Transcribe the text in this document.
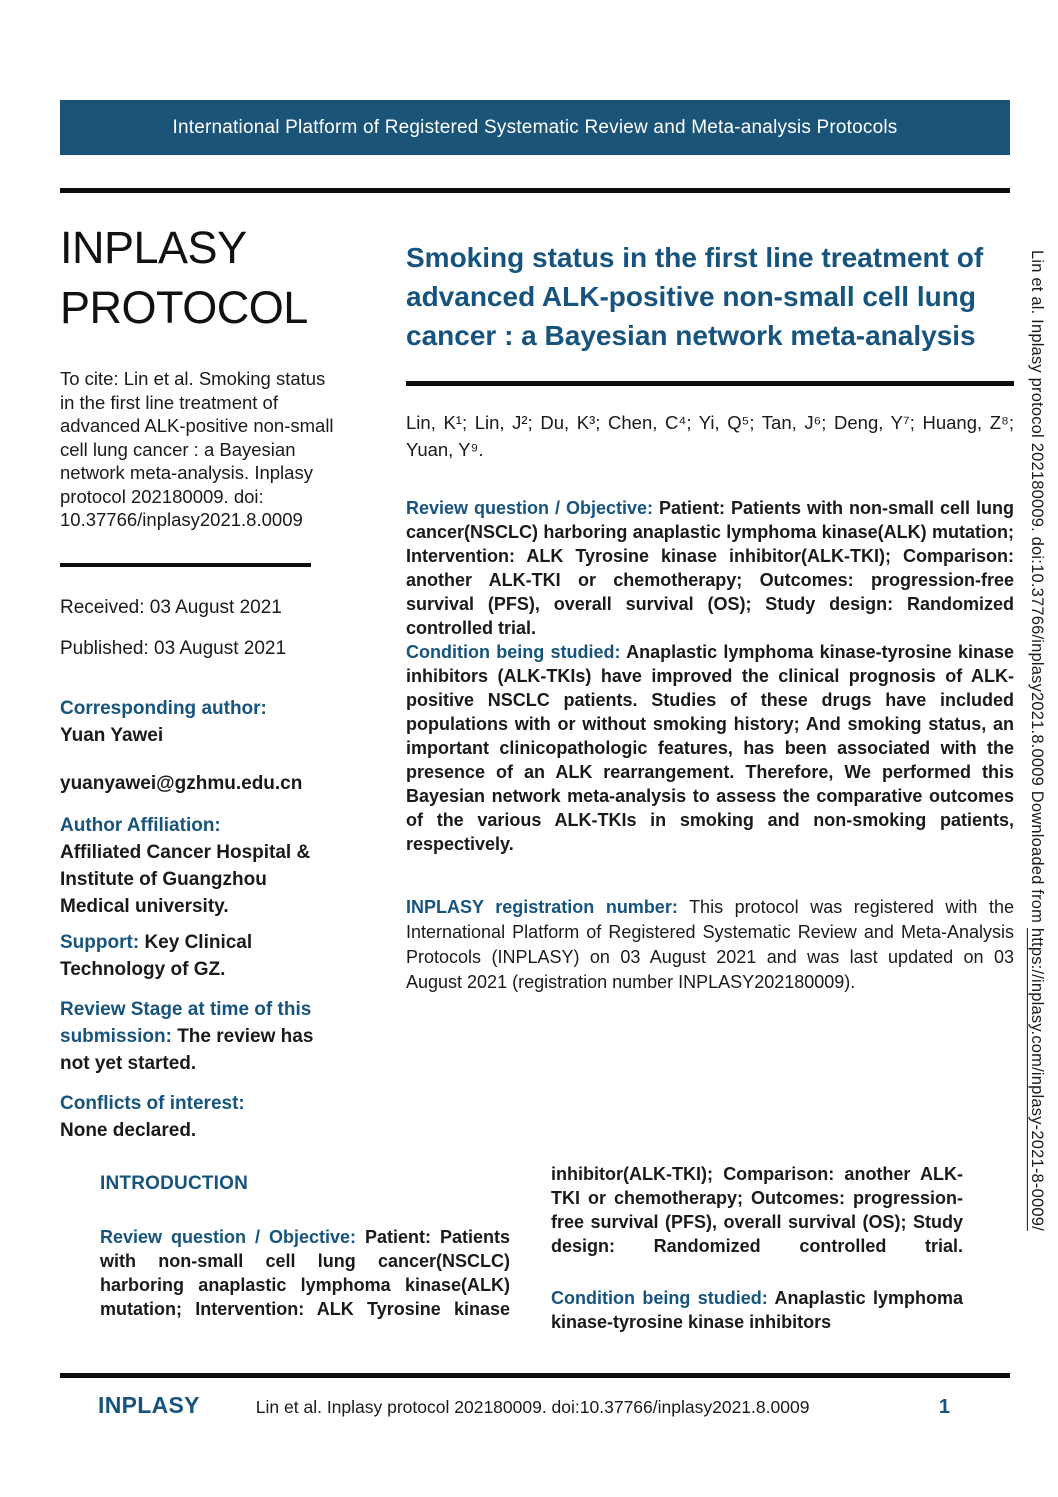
International Platform of Registered Systematic Review and Meta-analysis Protocols
INPLASY
PROTOCOL

To cite: Lin et al. Smoking status in the first line treatment of advanced ALK-positive non-small cell lung cancer : a Bayesian network meta-analysis. Inplasy protocol 202180009. doi: 10.37766/inplasy2021.8.0009

Received: 03 August 2021

Published: 03 August 2021

Corresponding author:
Yuan Yawei
yuanyawei@gzhmu.edu.cn
Author Affiliation:
Affiliated Cancer Hospital & Institute of Guangzhou Medical university.
Support: Key Clinical Technology of GZ.
Review Stage at time of this submission: The review has not yet started.
Conflicts of interest:
None declared.
Smoking status in the first line treatment of advanced ALK-positive non-small cell lung cancer : a Bayesian network meta-analysis

Lin, K¹; Lin, J²; Du, K³; Chen, C⁴; Yi, Q⁵; Tan, J⁶; Deng, Y⁷; Huang, Z⁸; Yuan, Y⁹.

Review question / Objective: Patient: Patients with non-small cell lung cancer(NSCLC) harboring anaplastic lymphoma kinase(ALK) mutation; Intervention: ALK Tyrosine kinase inhibitor(ALK-TKI); Comparison: another ALK-TKI or chemotherapy; Outcomes: progression-free survival (PFS), overall survival (OS); Study design: Randomized controlled trial.

Condition being studied: Anaplastic lymphoma kinase-tyrosine kinase inhibitors (ALK-TKIs) have improved the clinical prognosis of ALK-positive NSCLC patients. Studies of these drugs have included populations with or without smoking history; And smoking status, an important clinicopathologic features, has been associated with the presence of an ALK rearrangement. Therefore, We performed this Bayesian network meta-analysis to assess the comparative outcomes of the various ALK-TKIs in smoking and non-smoking patients, respectively.

INPLASY registration number: This protocol was registered with the International Platform of Registered Systematic Review and Meta-Analysis Protocols (INPLASY) on 03 August 2021 and was last updated on 03 August 2021 (registration number INPLASY202180009).

INTRODUCTION

Review question / Objective: Patient: Patients with non-small cell lung cancer(NSCLC) harboring anaplastic lymphoma kinase(ALK) mutation; Intervention: ALK Tyrosine kinase

inhibitor(ALK-TKI); Comparison: another ALK-TKI or chemotherapy; Outcomes: progression-free survival (PFS), overall survival (OS); Study design: Randomized controlled trial.

Condition being studied: Anaplastic lymphoma kinase-tyrosine kinase inhibitors

INPLASY	Lin et al. Inplasy protocol 202180009. doi:10.37766/inplasy2021.8.0009	1
Lin et al. Inplasy protocol 202180009. doi:10.37766/inplasy2021.8.0009 Downloaded from https://inplasy.com/inplasy-2021-8-0009/
